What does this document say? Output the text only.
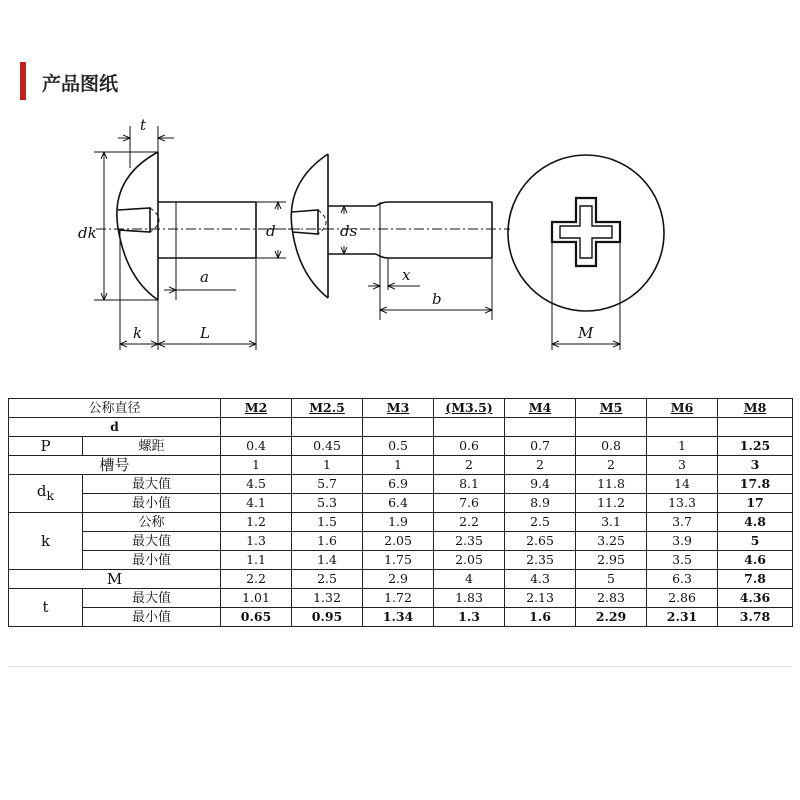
产品图纸
t
dk	d
a
k	L
ds
x
b
M
公称直径		M2	M2.5	M3	(M3.5)	M4	M5	M6	M8
d									
P	螺距	0.4	0.45	0.5	0.6	0.7	0.8	1	1.25
槽号		1	1	1	2	2	2	3	3
$d_k$	最大值	4.5	5.7	6.9	8.1	9.4	11.8	14	17.8
	最小值	4.1	5.3	6.4	7.6	8.9	11.2	13.3	17
k	公称	1.2	1.5	1.9	2.2	2.5	3.1	3.7	4.8
	最大值	1.3	1.6	2.05	2.35	2.65	3.25	3.9	5
	最小值	1.1	1.4	1.75	2.05	2.35	2.95	3.5	4.6
M		2.2	2.5	2.9	4	4.3	5	6.3	7.8
t	最大值	1.01	1.32	1.72	1.83	2.13	2.83	2.86	4.36
	最小值	0.65	0.95	1.34	1.3	1.6	2.29	2.31	3.78
